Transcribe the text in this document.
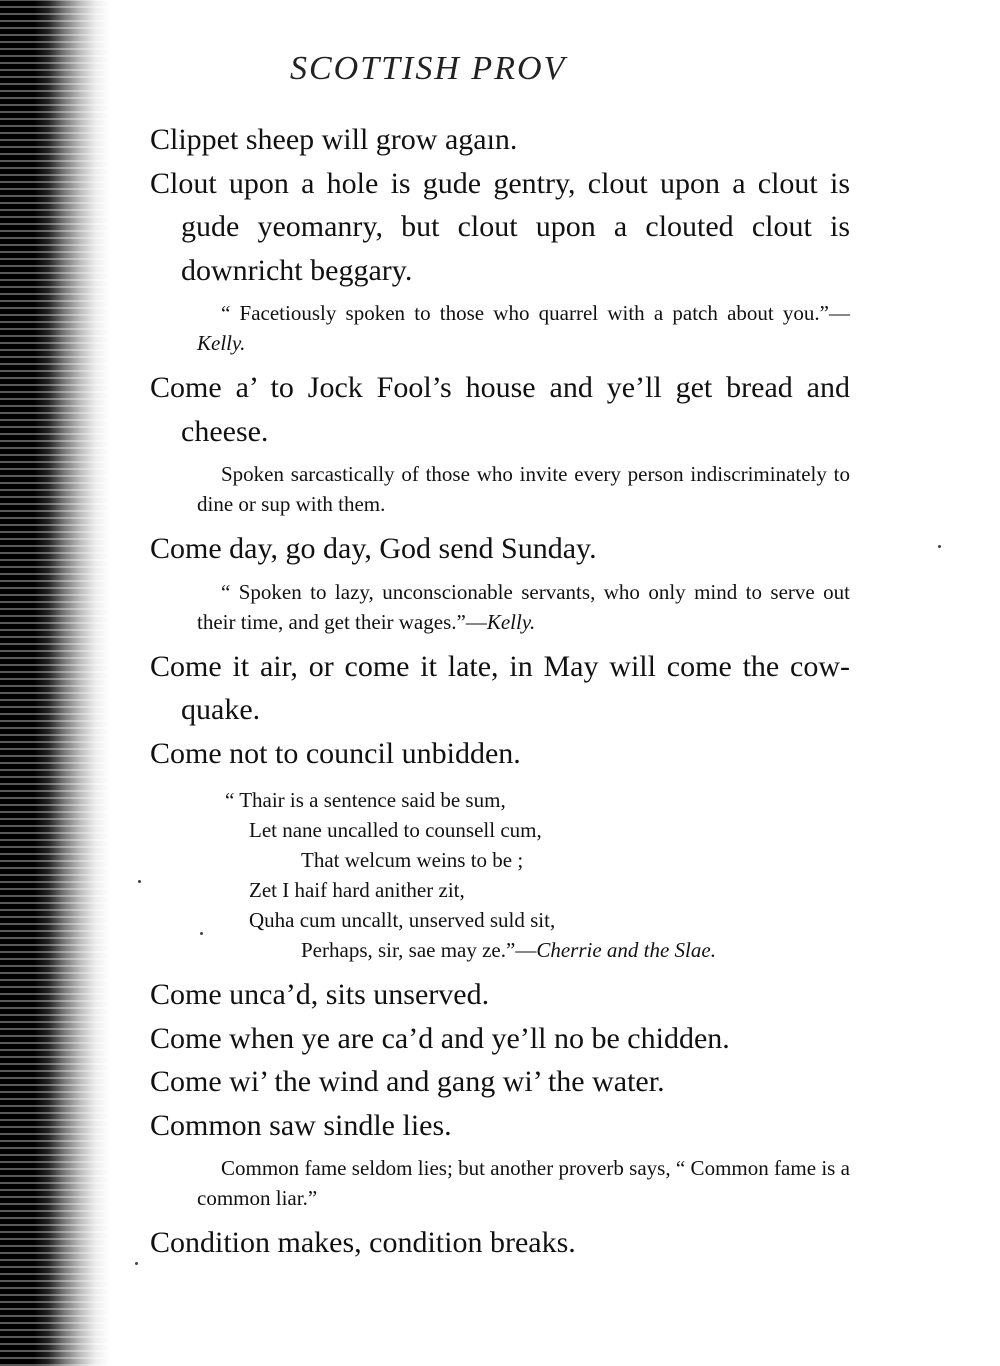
SCOTTISH PROV

Clippet sheep will grow agaın.

Clout upon a hole is gude gentry, clout upon a clout is gude yeomanry, but clout upon a clouted clout is downricht beggary.

“ Facetiously spoken to those who quarrel with a patch about you.”—Kelly.

Come a’ to Jock Fool’s house and ye’ll get bread and cheese.

Spoken sarcastically of those who invite every person indiscriminately to dine or sup with them.

Come day, go day, God send Sunday.

“ Spoken to lazy, unconscionable servants, who only mind to serve out their time, and get their wages.”—Kelly.

Come it air, or come it late, in May will come the cow-quake.

Come not to council unbidden.

“ Thair is a sentence said be sum,
Let nane uncalled to counsell cum,
That welcum weins to be ;
Zet I haif hard anither zit,
Quha cum uncallt, unserved suld sit,
Perhaps, sir, sae may ze.”—Cherrie and the Slae.

Come unca’d, sits unserved.

Come when ye are ca’d and ye’ll no be chidden.

Come wi’ the wind and gang wi’ the water.

Common saw sindle lies.

Common fame seldom lies; but another proverb says, “ Common fame is a common liar.”

Condition makes, condition breaks.
